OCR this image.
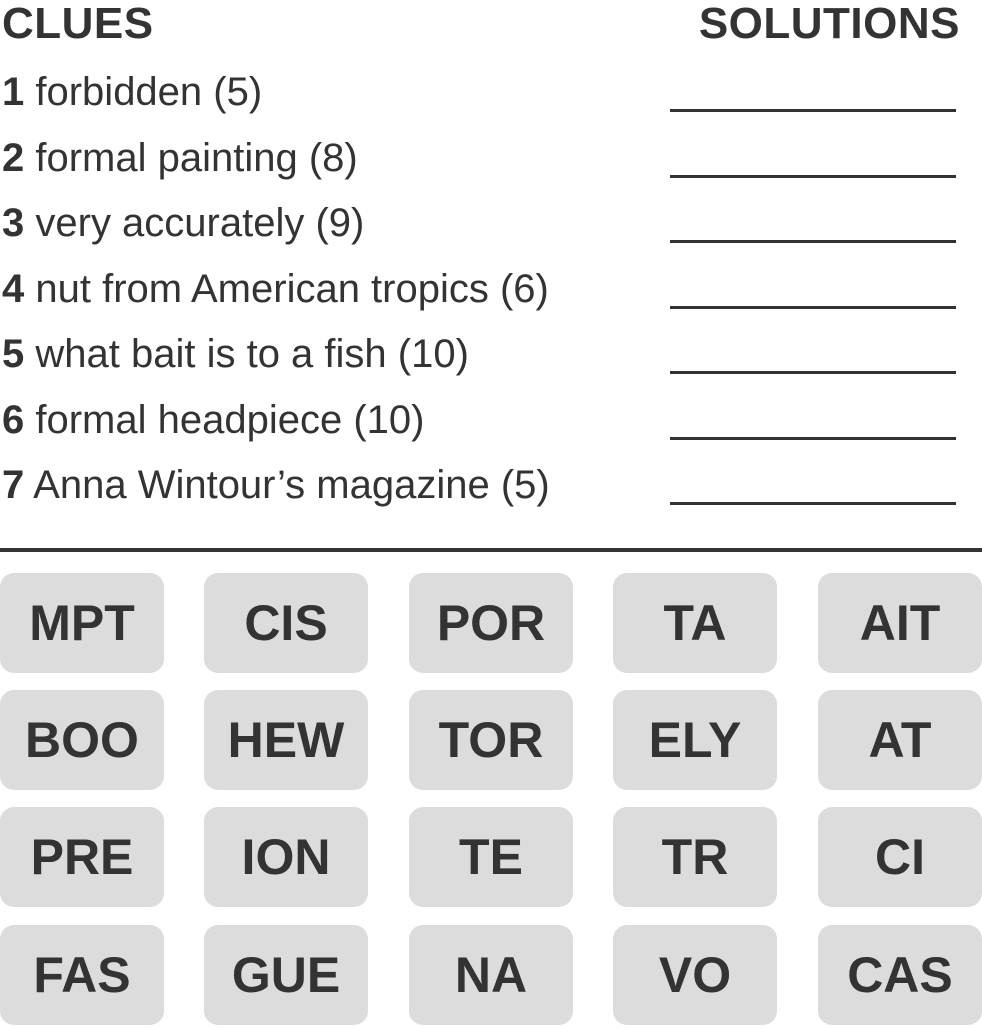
CLUES	SOLUTIONS
1 forbidden (5)
2 formal painting (8)
3 very accurately (9)
4 nut from American tropics (6)
5 what bait is to a fish (10)
6 formal headpiece (10)
7 Anna Wintour’s magazine (5)
MPT	CIS	POR	TA	AIT
BOO	HEW	TOR	ELY	AT
PRE	ION	TE	TR	CI
FAS	GUE	NA	VO	CAS
